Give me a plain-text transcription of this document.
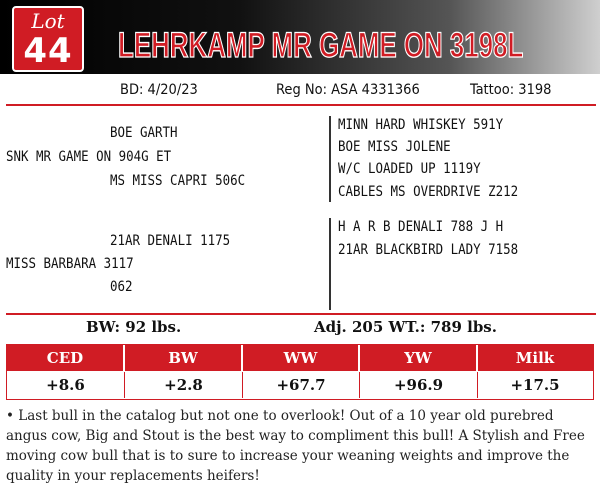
Lot
44 LEHRKAMP MR GAME ON 3198L
BD: 4/20/23	Reg No: ASA 4331366	Tattoo: 3198
BOE GARTH
SNK MR GAME ON 904G ET
MS MISS CAPRI 506C
MINN HARD WHISKEY 591Y
BOE MISS JOLENE
W/C LOADED UP 1119Y
CABLES MS OVERDRIVE Z212
21AR DENALI 1175
MISS BARBARA 3117
062
H A R B DENALI 788 J H
21AR BLACKBIRD LADY 7158
BW: 92 lbs.	Adj. 205 WT.: 789 lbs.
CED	BW	WW	YW	Milk
+8.6	+2.8	+67.7	+96.9	+17.5
• Last bull in the catalog but not one to overlook! Out of a 10 year old purebred angus cow, Big and Stout is the best way to compliment this bull! A Stylish and Free moving cow bull that is to sure to increase your weaning weights and improve the quality in your replacements heifers!
